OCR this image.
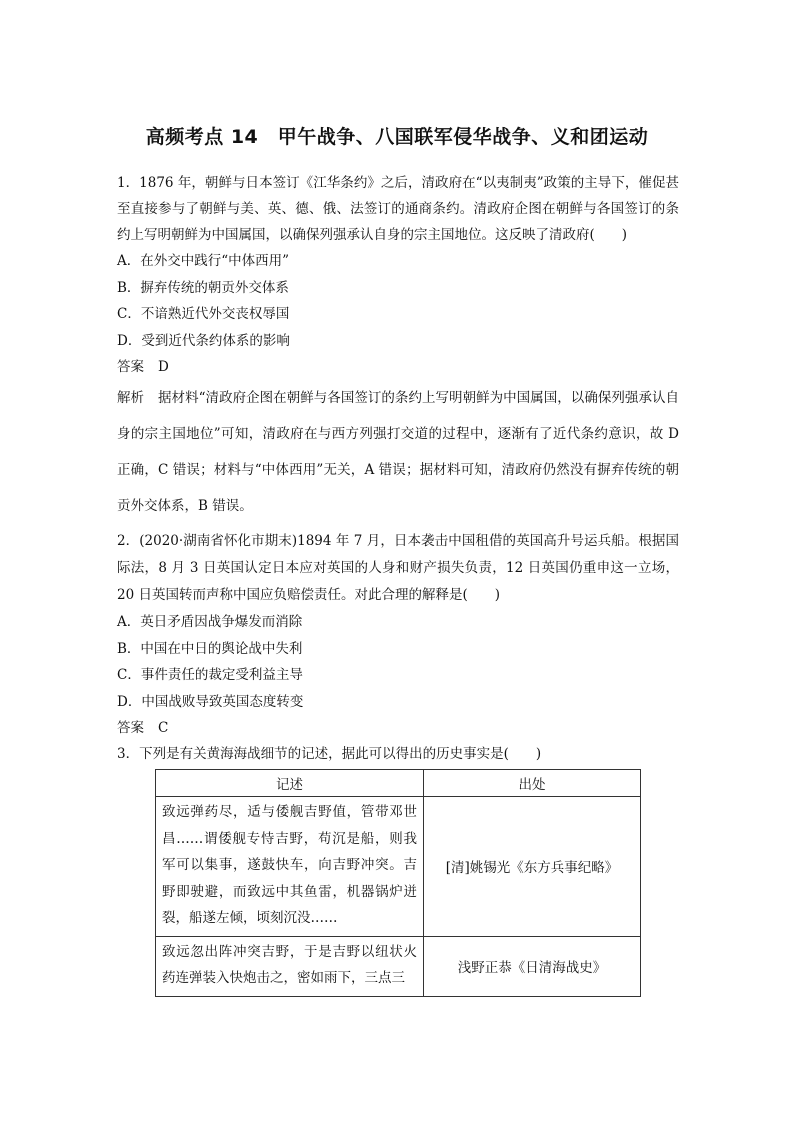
高频考点 14　甲午战争、八国联军侵华战争、义和团运动

1．1876 年，朝鲜与日本签订《江华条约》之后，清政府在“以夷制夷”政策的主导下，催促甚至直接参与了朝鲜与美、英、德、俄、法签订的通商条约。清政府企图在朝鲜与各国签订的条约上写明朝鲜为中国属国，以确保列强承认自身的宗主国地位。这反映了清政府(　　)

A．在外交中践行“中体西用”

B．摒弃传统的朝贡外交体系

C．不谙熟近代外交丧权辱国

D．受到近代条约体系的影响

答案 D

解析 据材料“清政府企图在朝鲜与各国签订的条约上写明朝鲜为中国属国，以确保列强承认自身的宗主国地位”可知，清政府在与西方列强打交道的过程中，逐渐有了近代条约意识，故 D 正确，C 错误；材料与“中体西用”无关，A 错误；据材料可知，清政府仍然没有摒弃传统的朝贡外交体系，B 错误。

2．(2020·湖南省怀化市期末)1894 年 7 月，日本袭击中国租借的英国高升号运兵船。根据国际法，8 月 3 日英国认定日本应对英国的人身和财产损失负责，12 日英国仍重申这一立场，20 日英国转而声称中国应负赔偿责任。对此合理的解释是(　　)

A．英日矛盾因战争爆发而消除

B．中国在中日的舆论战中失利

C．事件责任的裁定受利益主导

D．中国战败导致英国态度转变

答案 C

3．下列是有关黄海海战细节的记述，据此可以得出的历史事实是(　　)

记述	出处
致远弹药尽，适与倭舰吉野值，管带邓世昌……谓倭舰专恃吉野，苟沉是船，则我军可以集事，遂鼓快车，向吉野冲突。吉野即驶避，而致远中其鱼雷，机器锅炉迸裂，船遂左倾，顷刻沉没……	[清]姚锡光《东方兵事纪略》
致远忽出阵冲突吉野，于是吉野以纽状火药连弹装入快炮击之，密如雨下，三点三	浅野正恭《日清海战史》
